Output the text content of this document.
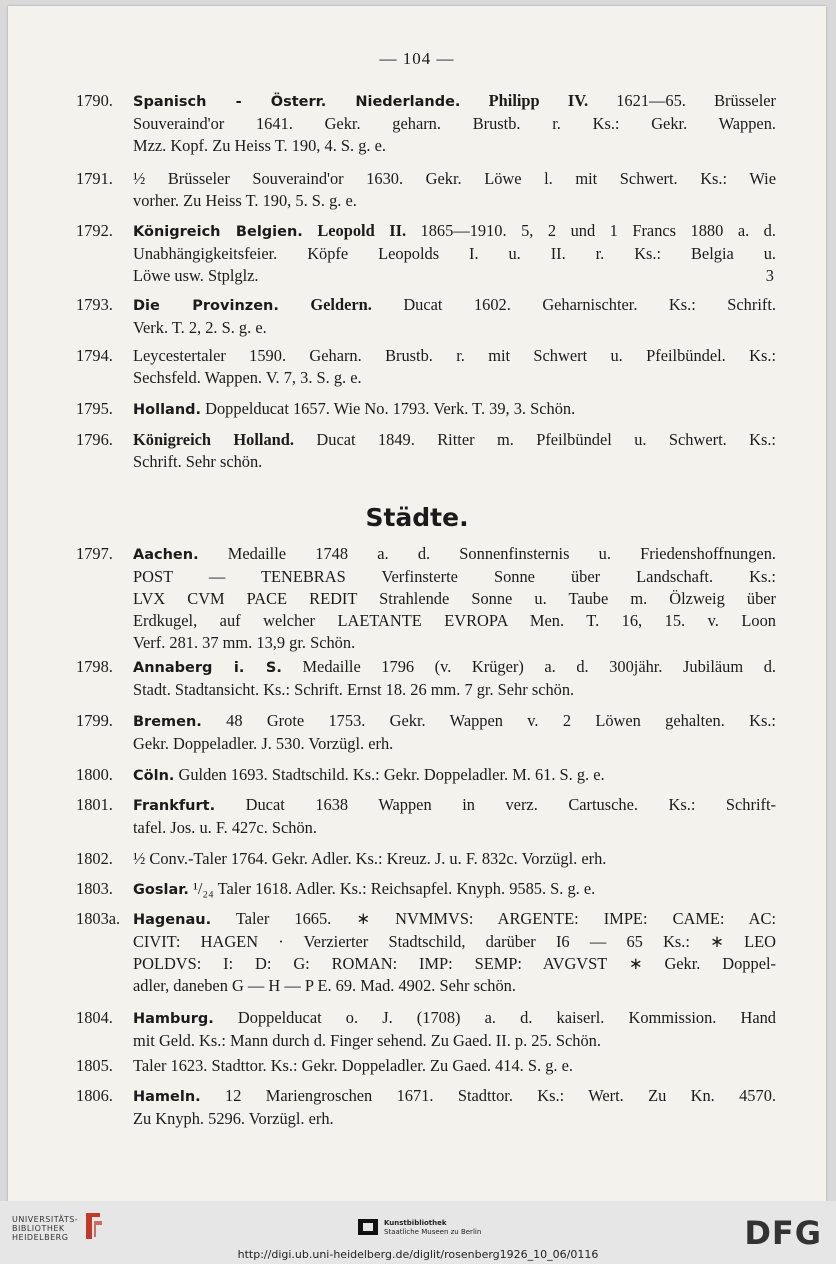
— 104 —
1790.	Spanisch - Österr. Niederlande. Philipp IV. 1621—65. Brüsseler
Souveraind'or 1641. Gekr. geharn. Brustb. r. Ks.: Gekr. Wappen.
Mzz. Kopf. Zu Heiss T. 190, 4. S. g. e.
1791.	½ Brüsseler Souveraind'or 1630. Gekr. Löwe l. mit Schwert. Ks.: Wie
vorher. Zu Heiss T. 190, 5. S. g. e.
1792.	Königreich Belgien. Leopold II. 1865—1910. 5, 2 und 1 Francs 1880 a. d.
Unabhängigkeitsfeier. Köpfe Leopolds I. u. II. r. Ks.: Belgia u.
Löwe usw. Stplglz.	3
1793.	Die Provinzen. Geldern. Ducat 1602. Geharnischter. Ks.: Schrift.
Verk. T. 2, 2. S. g. e.
1794.	Leycestertaler 1590. Geharn. Brustb. r. mit Schwert u. Pfeilbündel. Ks.:
Sechsfeld. Wappen. V. 7, 3. S. g. e.
1795.	Holland. Doppelducat 1657. Wie No. 1793. Verk. T. 39, 3. Schön.
1796.	Königreich Holland. Ducat 1849. Ritter m. Pfeilbündel u. Schwert. Ks.:
Schrift. Sehr schön.
Städte.
1797.	Aachen. Medaille 1748 a. d. Sonnenfinsternis u. Friedenshoffnungen.
POST — TENEBRAS Verfinsterte Sonne über Landschaft. Ks.:
LVX CVM PACE REDIT Strahlende Sonne u. Taube m. Ölzweig über
Erdkugel, auf welcher LAETANTE EVROPA Men. T. 16, 15. v. Loon
Verf. 281. 37 mm. 13,9 gr. Schön.
1798.	Annaberg i. S. Medaille 1796 (v. Krüger) a. d. 300jähr. Jubiläum d.
Stadt. Stadtansicht. Ks.: Schrift. Ernst 18. 26 mm. 7 gr. Sehr schön.
1799.	Bremen. 48 Grote 1753. Gekr. Wappen v. 2 Löwen gehalten. Ks.:
Gekr. Doppeladler. J. 530. Vorzügl. erh.
1800.	Cöln. Gulden 1693. Stadtschild. Ks.: Gekr. Doppeladler. M. 61. S. g. e.
1801.	Frankfurt. Ducat 1638 Wappen in verz. Cartusche. Ks.: Schrift-
tafel. Jos. u. F. 427c. Schön.
1802.	½ Conv.-Taler 1764. Gekr. Adler. Ks.: Kreuz. J. u. F. 832c. Vorzügl. erh.
1803.	Goslar. ¹/₂₄ Taler 1618. Adler. Ks.: Reichsapfel. Knyph. 9585. S. g. e.
1803a. Hagenau. Taler 1665. ∗ NVMMVS: ARGENTE: IMPE: CAME: AC:
CIVIT: HAGEN · Verzierter Stadtschild, darüber I6 — 65 Ks.: ∗ LEO
POLDVS: I: D: G: ROMAN: IMP: SEMP: AVGVST ∗ Gekr. Doppel-
adler, daneben G — H — P E. 69. Mad. 4902. Sehr schön.
1804.	Hamburg. Doppelducat o. J. (1708) a. d. kaiserl. Kommission. Hand
mit Geld. Ks.: Mann durch d. Finger sehend. Zu Gaed. II. p. 25. Schön.
1805.	Taler 1623. Stadttor. Ks.: Gekr. Doppeladler. Zu Gaed. 414. S. g. e.
1806.	Hameln. 12 Mariengroschen 1671. Stadttor. Ks.: Wert. Zu Kn. 4570.
Zu Knyph. 5296. Vorzügl. erh.
UNIVERSITÄTS-
BIBLIOTHEK
HEIDELBERG
Kunstbibliothek
Staatliche Museen zu Berlin	DFG
http://digi.ub.uni-heidelberg.de/diglit/rosenberg1926_10_06/0116
